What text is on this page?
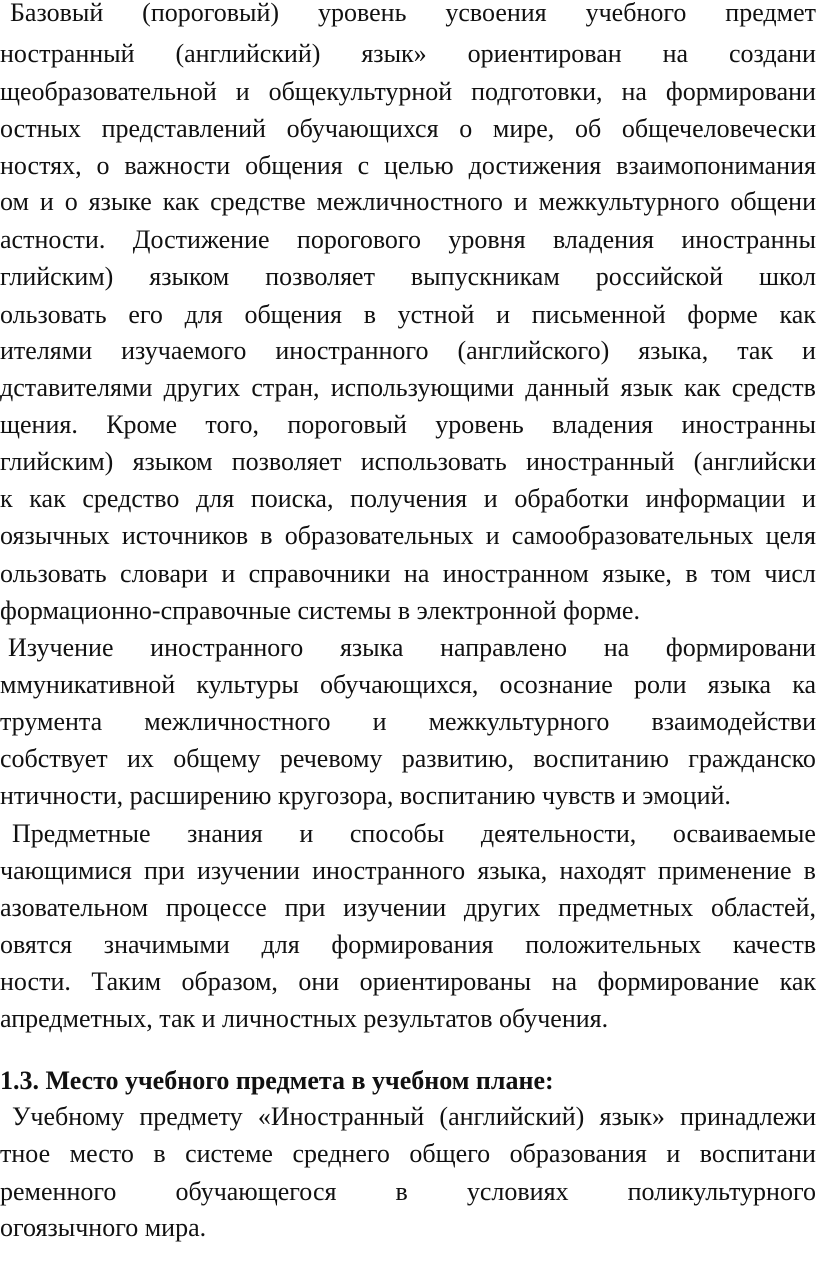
Базовый (пороговый) уровень усвоения учебного предмет
ностранный (английский) язык» ориентирован на создани
щеобразовательной и общекультурной подготовки, на формировани
остных представлений обучающихся о мире, об общечеловечески
ностях, о важности общения с целью достижения взаимопонимания
ом и о языке как средстве межличностного и межкультурного общени
астности. Достижение порогового уровня владения иностранны
глийским) языком позволяет выпускникам российской школ
ользовать его для общения в устной и письменной форме как
ителями изучаемого иностранного (английского) языка, так и
дставителями других стран, использующими данный язык как средств
щения. Кроме того, пороговый уровень владения иностранны
глийским) языком позволяет использовать иностранный (английски
к как средство для поиска, получения и обработки информации и
оязычных источников в образовательных и самообразовательных целя
ользовать словари и справочники на иностранном языке, в том числ
формационно-справочные системы в электронной форме.
Изучение иностранного языка направлено на формировани
ммуникативной культуры обучающихся, осознание роли языка ка
трумента межличностного и межкультурного взаимодействи
собствует их общему речевому развитию, воспитанию гражданско
нтичности, расширению кругозора, воспитанию чувств и эмоций.
Предметные знания и способы деятельности, осваиваемые
чающимися при изучении иностранного языка, находят применение в
азовательном процессе при изучении других предметных областей,
овятся значимыми для формирования положительных качеств
ности. Таким образом, они ориентированы на формирование как
апредметных, так и личностных результатов обучения.
1.3. Место учебного предмета в учебном плане:
Учебному предмету «Иностранный (английский) язык» принадлежи
тное место в системе среднего общего образования и воспитани
ременного обучающегося в условиях поликультурного
огоязычного мира.
